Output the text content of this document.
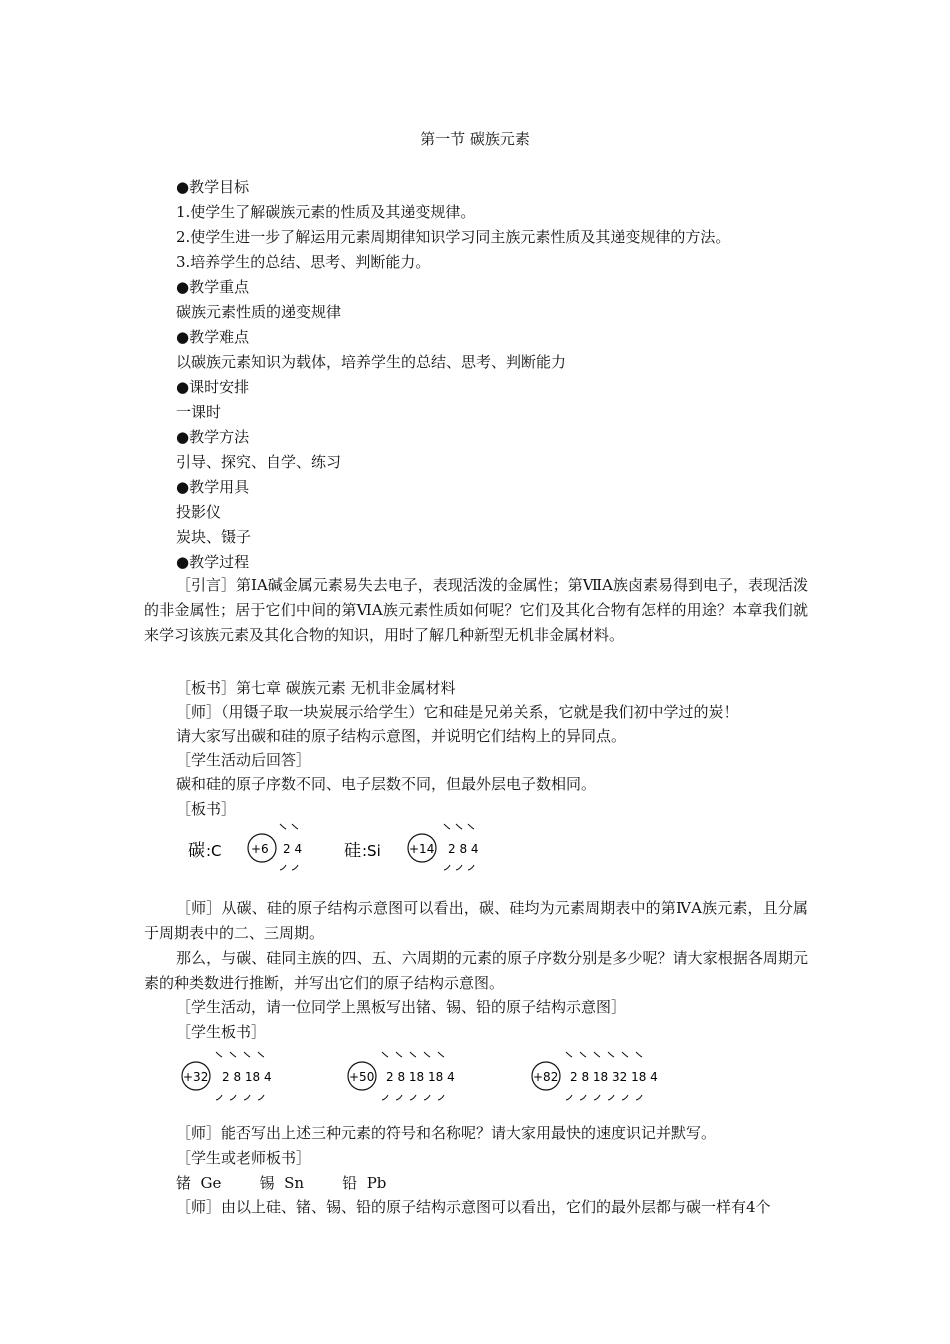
第一节 碳族元素
●教学目标
1.使学生了解碳族元素的性质及其递变规律。
2.使学生进一步了解运用元素周期律知识学习同主族元素性质及其递变规律的方法。
3.培养学生的总结、思考、判断能力。
●教学重点
碳族元素性质的递变规律
●教学难点
以碳族元素知识为载体，培养学生的总结、思考、判断能力
●课时安排
一课时
●教学方法
引导、探究、自学、练习
●教学用具
投影仪
炭块、镊子
●教学过程
［引言］第ⅠA碱金属元素易失去电子，表现活泼的金属性；第ⅦA族卤素易得到电子，表现活泼的非金属性；居于它们中间的第ⅥA族元素性质如何呢？它们及其化合物有怎样的用途？本章我们就来学习该族元素及其化合物的知识，用时了解几种新型无机非金属材料。
［板书］第七章 碳族元素 无机非金属材料
［师］（用镊子取一块炭展示给学生）它和硅是兄弟关系，它就是我们初中学过的炭！
请大家写出碳和硅的原子结构示意图，并说明它们结构上的异同点。
［学生活动后回答］
碳和硅的原子序数不同、电子层数不同，但最外层电子数相同。
［板书］
碳 :C +6 2 4 硅 :Si +14 2 8 4
［师］从碳、硅的原子结构示意图可以看出，碳、硅均为元素周期表中的第ⅣA族元素，且分属于周期表中的二、三周期。
那么，与碳、硅同主族的四、五、六周期的元素的原子序数分别是多少呢？请大家根据各周期元素的种类数进行推断，并写出它们的原子结构示意图。
［学生活动，请一位同学上黑板写出锗、锡、铅的原子结构示意图］
［学生板书］
+32 2 8 18 4	+50 2 8 18 18 4	+82 2 8 18 32 18 4
［师］能否写出上述三种元素的符号和名称呢？请大家用最快的速度识记并默写。
［学生或老师板书］
锗  Ge        锡  Sn        铅  Pb
［师］由以上硅、锗、锡、铅的原子结构示意图可以看出，它们的最外层都与碳一样有4个
